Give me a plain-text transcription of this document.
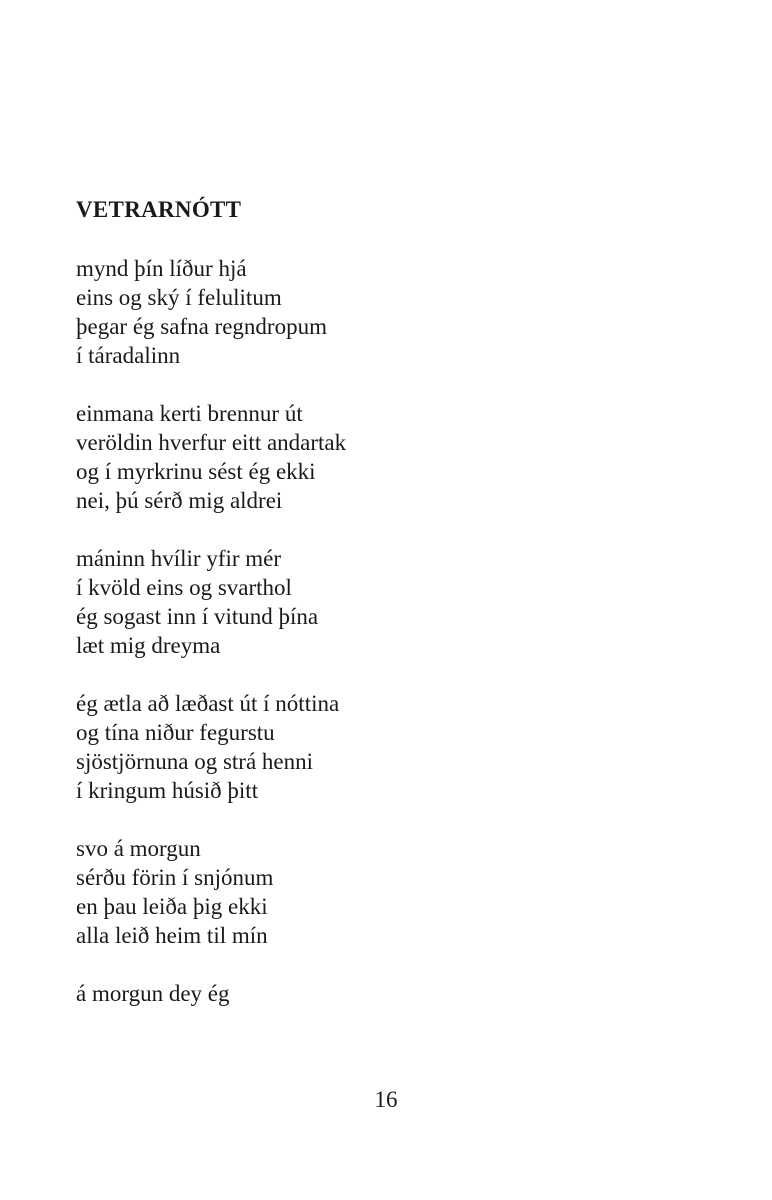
VETRARNÓTT
mynd þín líður hjá
eins og ský í felulitum
þegar ég safna regndropum
í táradalinn
einmana kerti brennur út
veröldin hverfur eitt andartak
og í myrkrinu sést ég ekki
nei, þú sérð mig aldrei
máninn hvílir yfir mér
í kvöld eins og svarthol
ég sogast inn í vitund þína
læt mig dreyma
ég ætla að læðast út í nóttina
og tína niður fegurstu
sjöstjörnuna og strá henni
í kringum húsið þitt
svo á morgun
sérðu förin í snjónum
en þau leiða þig ekki
alla leið heim til mín
á morgun dey ég
16
